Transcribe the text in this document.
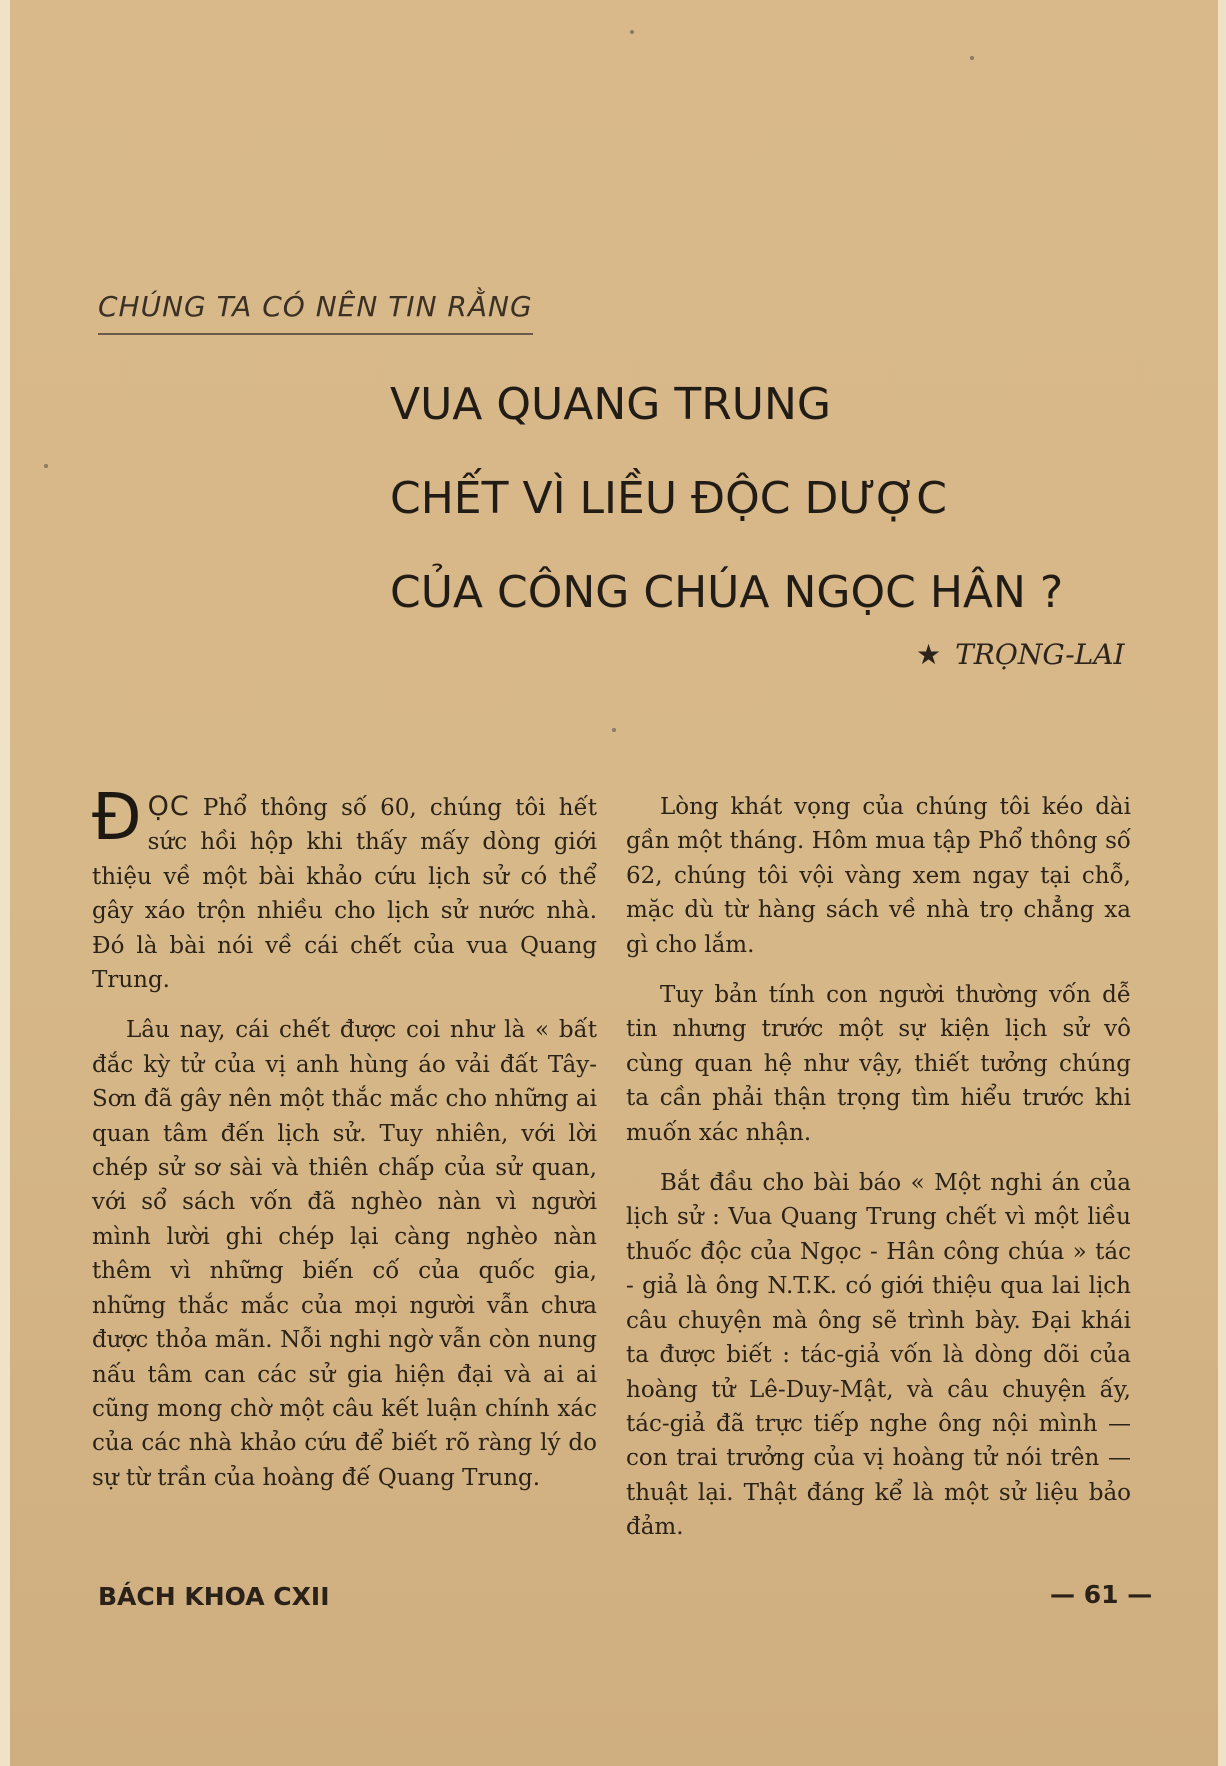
CHÚNG TA CÓ NÊN TIN RẰNG
VUA QUANG TRUNG
CHẾT VÌ LIỀU ĐỘC DƯỢC
CỦA CÔNG CHÚA NGỌC HÂN ?
★ TRỌNG-LAI

ĐỌC Phổ thông số 60, chúng tôi hết sức hồi hộp khi thấy mấy dòng giới thiệu về một bài khảo cứu lịch sử có thể gây xáo trộn nhiều cho lịch sử nước nhà. Đó là bài nói về cái chết của vua Quang Trung.

Lâu nay, cái chết được coi như là « bất đắc kỳ tử của vị anh hùng áo vải đất Tây-Sơn đã gây nên một thắc mắc cho những ai quan tâm đến lịch sử. Tuy nhiên, với lời chép sử sơ sài và thiên chấp của sử quan, với sổ sách vốn đã nghèo nàn vì người mình lười ghi chép lại càng nghèo nàn thêm vì những biến cố của quốc gia, những thắc mắc của mọi người vẫn chưa được thỏa mãn. Nỗi nghi ngờ vẫn còn nung nấu tâm can các sử gia hiện đại và ai ai cũng mong chờ một câu kết luận chính xác của các nhà khảo cứu để biết rõ ràng lý do sự từ trần của hoàng đế Quang Trung.

Lòng khát vọng của chúng tôi kéo dài gần một tháng. Hôm mua tập Phổ thông số 62, chúng tôi vội vàng xem ngay tại chỗ, mặc dù từ hàng sách về nhà trọ chẳng xa gì cho lắm.

Tuy bản tính con người thường vốn dễ tin nhưng trước một sự kiện lịch sử vô cùng quan hệ như vậy, thiết tưởng chúng ta cần phải thận trọng tìm hiểu trước khi muốn xác nhận.

Bắt đầu cho bài báo « Một nghi án của lịch sử : Vua Quang Trung chết vì một liều thuốc độc của Ngọc - Hân công chúa » tác - giả là ông N.T.K. có giới thiệu qua lai lịch câu chuyện mà ông sẽ trình bày. Đại khái ta được biết : tác-giả vốn là dòng dõi của hoàng tử Lê-Duy-Mật, và câu chuyện ấy, tác-giả đã trực tiếp nghe ông nội mình — con trai trưởng của vị hoàng tử nói trên — thuật lại. Thật đáng kể là một sử liệu bảo đảm.

BÁCH KHOA CXII	— 61 —
